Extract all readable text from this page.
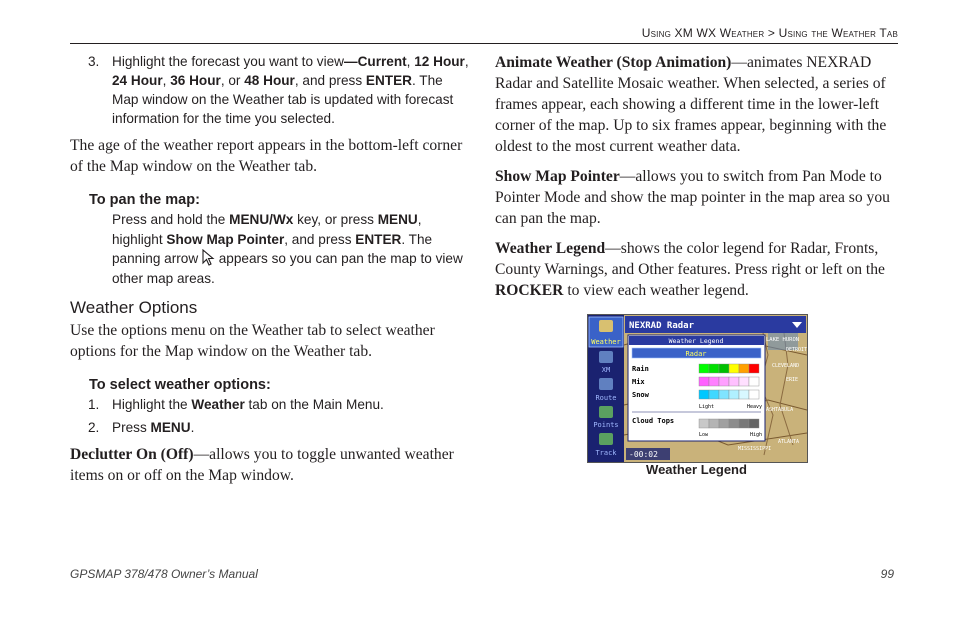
Using XM WX Weather > Using the Weather Tab
3. Highlight the forecast you want to view—Current, 12 Hour, 24 Hour, 36 Hour, or 48 Hour, and press ENTER. The Map window on the Weather tab is updated with forecast information for the time you selected.

The age of the weather report appears in the bottom-left corner of the Map window on the Weather tab.

To pan the map:
Press and hold the MENU/Wx key, or press MENU, highlight Show Map Pointer, and press ENTER. The panning arrow  appears so you can pan the map to view other map areas.
Weather Options

Use the options menu on the Weather tab to select weather options for the Map window on the Weather tab.

To select weather options:
1. Highlight the Weather tab on the Main Menu.
2. Press MENU.

Declutter On (Off)—allows you to toggle unwanted weather items on or off on the Map window.

Animate Weather (Stop Animation)—animates NEXRAD Radar and Satellite Mosaic weather. When selected, a series of frames appear, each showing a different time in the lower-left corner of the map. Up to six frames appear, beginning with the oldest to the most current weather data.

Show Map Pointer—allows you to switch from Pan Mode to Pointer Mode and show the map pointer in the map area so you can pan the map.

Weather Legend—shows the color legend for Radar, Fronts, County Warnings, and Other features. Press right or left on the ROCKER to view each weather legend.

Weather
XM
Route
Points
Track
NEXRAD Radar
LAKE HURON
DETROIT
CLEVELAND
ERIE
ASHTABULA
MISSISSIPPI
ATLANTA
Weather Legend
Radar
Rain
Mix
Snow
Light	Heavy
Cloud Tops
Low	High
-00:02
Weather Legend
GPSMAP 378/478 Owner’s Manual	99
